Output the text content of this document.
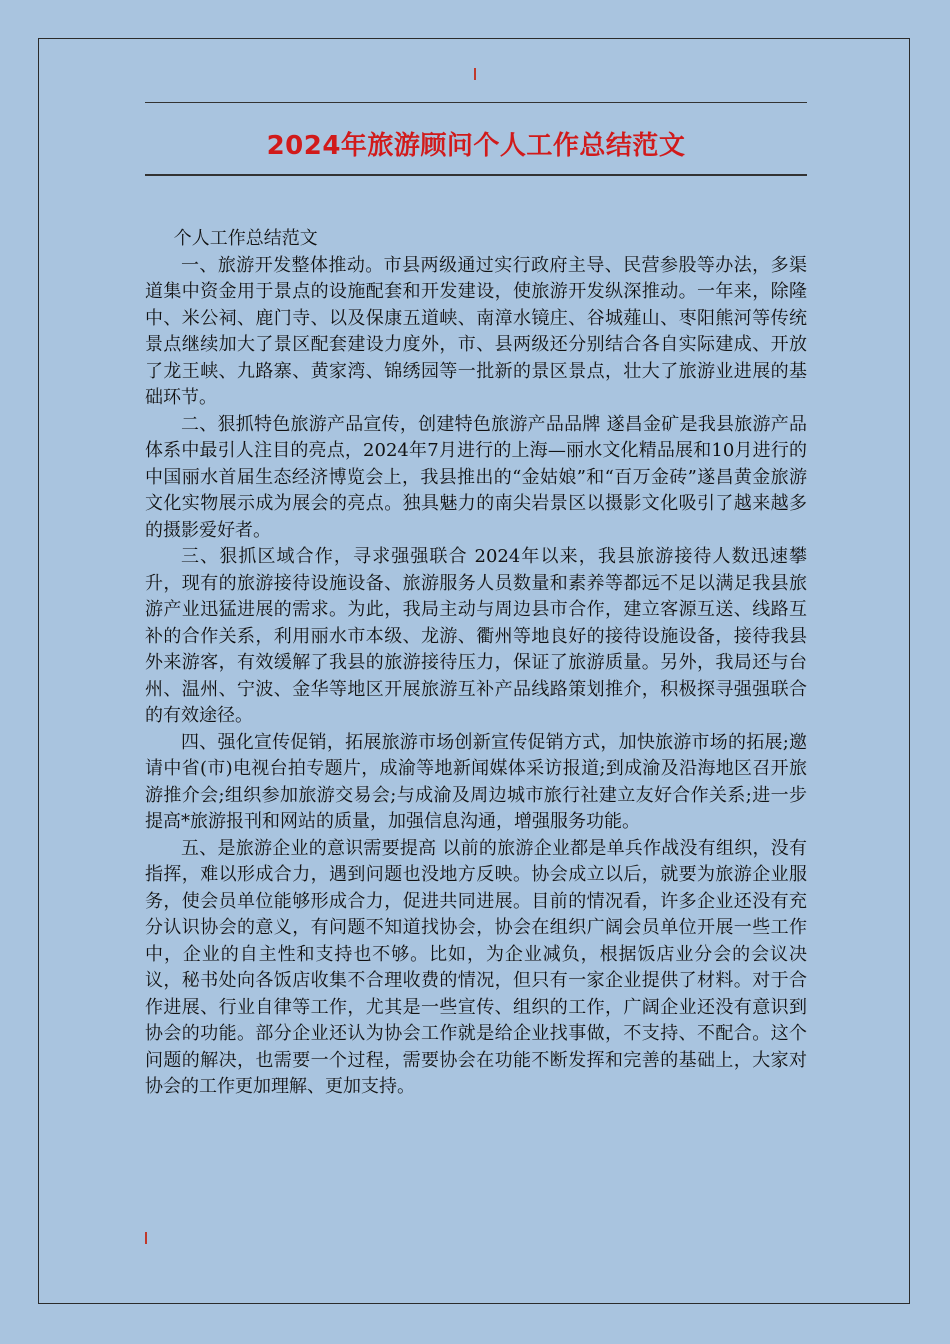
2024年旅游顾问个人工作总结范文

个人工作总结范文

一、旅游开发整体推动。市县两级通过实行政府主导、民营参股等办法，多渠道集中资金用于景点的设施配套和开发建设，使旅游开发纵深推动。一年来，除隆中、米公祠、鹿门寺、以及保康五道峡、南漳水镜庄、谷城薤山、枣阳熊河等传统景点继续加大了景区配套建设力度外，市、县两级还分别结合各自实际建成、开放了龙王峡、九路寨、黄家湾、锦绣园等一批新的景区景点，壮大了旅游业进展的基础环节。

二、狠抓特色旅游产品宣传，创建特色旅游产品品牌 遂昌金矿是我县旅游产品体系中最引人注目的亮点，2024年7月进行的上海—丽水文化精品展和10月进行的中国丽水首届生态经济博览会上，我县推出的“金姑娘”和“百万金砖”遂昌黄金旅游文化实物展示成为展会的亮点。独具魅力的南尖岩景区以摄影文化吸引了越来越多的摄影爱好者。

三、狠抓区域合作，寻求强强联合 2024年以来，我县旅游接待人数迅速攀升，现有的旅游接待设施设备、旅游服务人员数量和素养等都远不足以满足我县旅游产业迅猛进展的需求。为此，我局主动与周边县市合作，建立客源互送、线路互补的合作关系，利用丽水市本级、龙游、衢州等地良好的接待设施设备，接待我县外来游客，有效缓解了我县的旅游接待压力，保证了旅游质量。另外，我局还与台州、温州、宁波、金华等地区开展旅游互补产品线路策划推介，积极探寻强强联合的有效途径。

四、强化宣传促销，拓展旅游市场创新宣传促销方式，加快旅游市场的拓展;邀请中省(市)电视台拍专题片，成渝等地新闻媒体采访报道;到成渝及沿海地区召开旅游推介会;组织参加旅游交易会;与成渝及周边城市旅行社建立友好合作关系;进一步提高*旅游报刊和网站的质量，加强信息沟通，增强服务功能。

五、是旅游企业的意识需要提高 以前的旅游企业都是单兵作战没有组织，没有指挥，难以形成合力，遇到问题也没地方反映。协会成立以后，就要为旅游企业服务，使会员单位能够形成合力，促进共同进展。目前的情况看，许多企业还没有充分认识协会的意义，有问题不知道找协会，协会在组织广阔会员单位开展一些工作中，企业的自主性和支持也不够。比如，为企业减负，根据饭店业分会的会议决议，秘书处向各饭店收集不合理收费的情况，但只有一家企业提供了材料。对于合作进展、行业自律等工作，尤其是一些宣传、组织的工作，广阔企业还没有意识到协会的功能。部分企业还认为协会工作就是给企业找事做，不支持、不配合。这个问题的解决，也需要一个过程，需要协会在功能不断发挥和完善的基础上，大家对协会的工作更加理解、更加支持。
